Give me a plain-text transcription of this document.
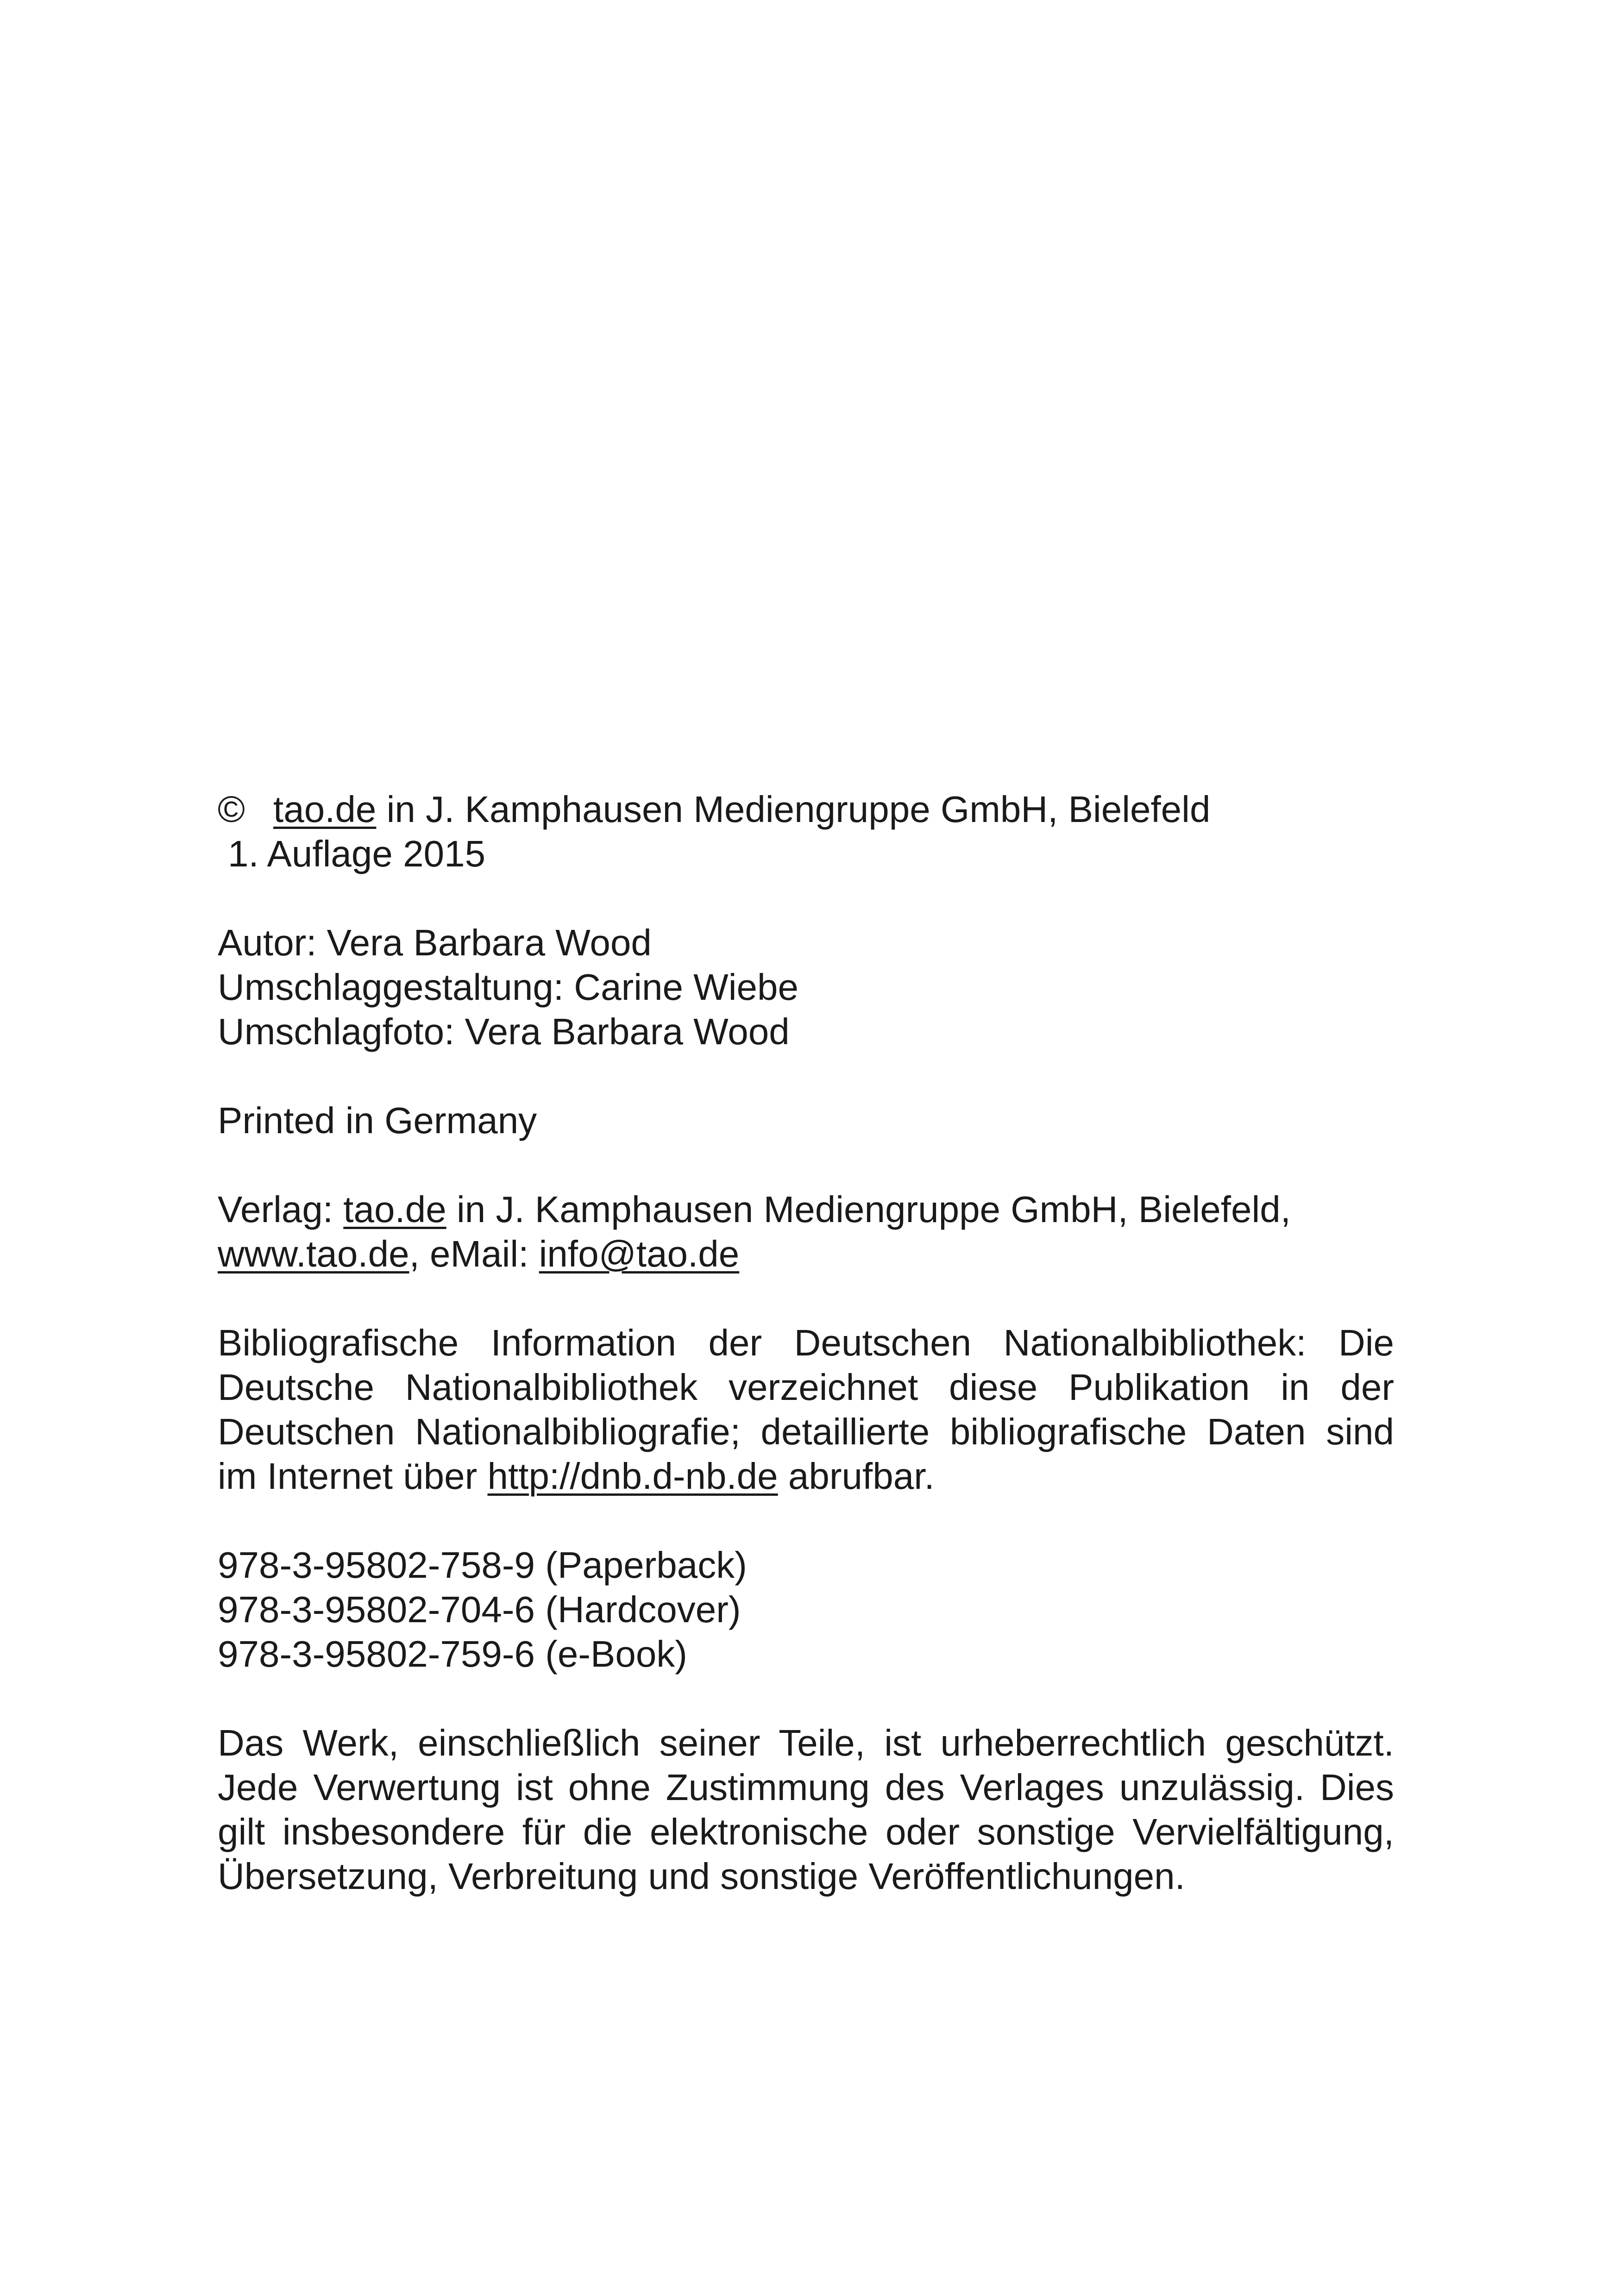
© tao.de in J. Kamphausen Mediengruppe GmbH, Bielefeld
1. Auflage 2015
Autor: Vera Barbara Wood
Umschlaggestaltung: Carine Wiebe
Umschlagfoto: Vera Barbara Wood
Printed in Germany
Verlag: tao.de in J. Kamphausen Mediengruppe GmbH, Bielefeld,
www.tao.de, eMail: info@tao.de
Bibliografische Information der Deutschen Nationalbibliothek: Die
Deutsche Nationalbibliothek verzeichnet diese Publikation in der
Deutschen Nationalbibliografie; detaillierte bibliografische Daten sind
im Internet über http://dnb.d-nb.de abrufbar.
978-3-95802-758-9 (Paperback)
978-3-95802-704-6 (Hardcover)
978-3-95802-759-6 (e-Book)
Das Werk, einschließlich seiner Teile, ist urheberrechtlich geschützt.
Jede Verwertung ist ohne Zustimmung des Verlages unzulässig. Dies
gilt insbesondere für die elektronische oder sonstige Vervielfältigung,
Übersetzung, Verbreitung und sonstige Veröffentlichungen.
